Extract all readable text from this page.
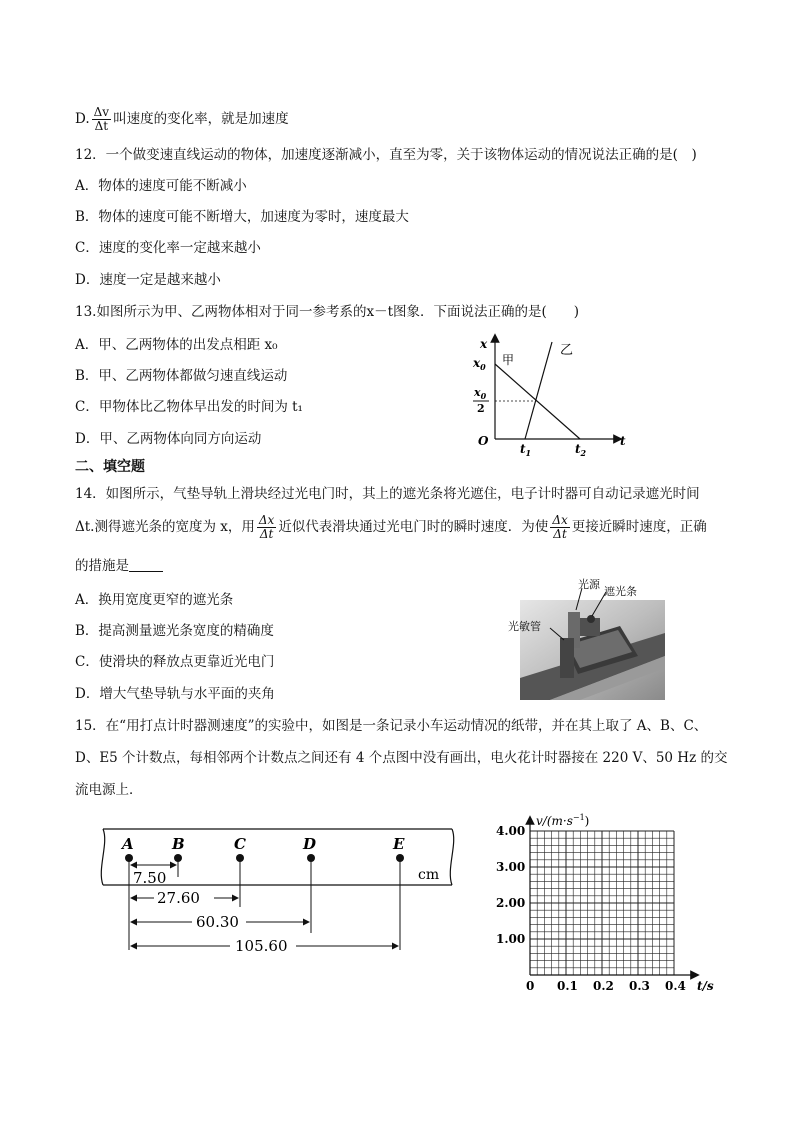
D. $\frac{\Delta v}{\Delta t}$ 叫速度的变化率，就是加速度
12．一个做变速直线运动的物体，加速度逐渐减小，直至为零，关于该物体运动的情况说法正确的是(　)
A．物体的速度可能不断减小
B．物体的速度可能不断增大，加速度为零时，速度最大
C．速度的变化率一定越来越小
D．速度一定是越来越小
13.如图所示为甲、乙两物体相对于同一参考系的x－t图象．下面说法正确的是(　　)
A．甲、乙两物体的出发点相距 x₀
B．甲、乙两物体都做匀速直线运动
C．甲物体比乙物体早出发的时间为 t₁
D．甲、乙两物体向同方向运动
x
t
O
$x_0$
$x_0$
2
甲
乙
$t_1$	$t_2$
二、填空题
14．如图所示，气垫导轨上滑块经过光电门时，其上的遮光条将光遮住，电子计时器可自动记录遮光时间
Δt.测得遮光条的宽度为 x，用 $\frac{\Delta x}{\Delta t}$ 近似代表滑块通过光电门时的瞬时速度．为使 $\frac{\Delta x}{\Delta t}$ 更接近瞬时速度，正确
的措施是
A．换用宽度更窄的遮光条
B．提高测量遮光条宽度的精确度
C．使滑块的释放点更靠近光电门
D．增大气垫导轨与水平面的夹角
光源
遮光条
光敏管
15．在“用打点计时器测速度”的实验中，如图是一条记录小车运动情况的纸带，并在其上取了 A、B、C、
D、E5 个计数点，每相邻两个计数点之间还有 4 个点图中没有画出，电火花计时器接在 220 V、50 Hz 的交
流电源上．
A	B	C	D	E
7.50	cm
27.60
60.30
105.60
$v/(m\cdot s^{-1})$
t/s
4.00
3.00
2.00
1.00
0 0.1 0.2 0.3 0.4
